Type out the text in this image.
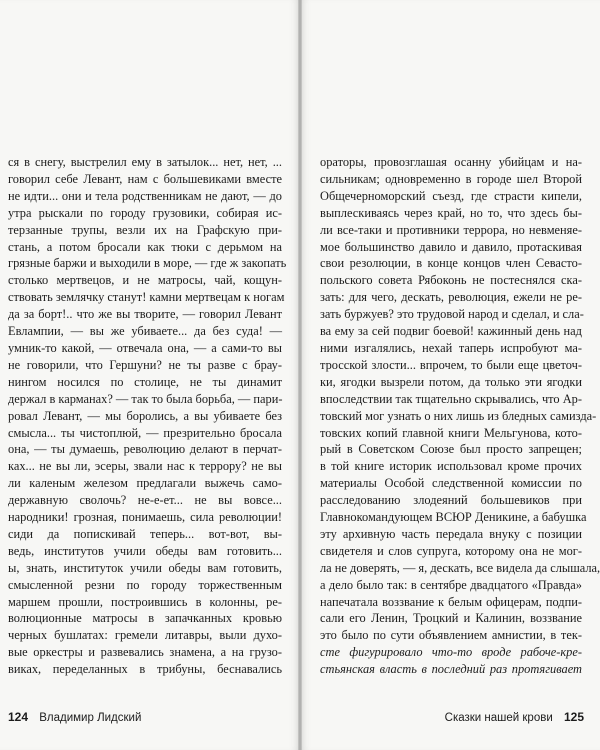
ся в снегу, выстрелил ему в затылок... нет, нет, ...
говорил себе Левант, нам с большевиками вместе
не идти... они и тела родственникам не дают, — до
утра рыскали по городу грузовики, собирая ис-
терзанные трупы, везли их на Графскую при-
стань, а потом бросали как тюки с дерьмом на
грязные баржи и выходили в море, — где ж закопать
столько мертвецов, и не матросы, чай, кощун-
ствовать землячку станут! камни мертвецам к ногам
да за борт!.. что же вы творите, — говорил Левант
Евлампии, — вы же убиваете... да без суда! —
умник-то какой, — отвечала она, — а сами-то вы
не говорили, что Гершуни? не ты разве с брау-
нингом носился по столице, не ты динамит
держал в карманах? — так то была борьба, — пари-
ровал Левант, — мы боролись, а вы убиваете без
смысла... ты чистоплюй, — презрительно бросала
она, — ты думаешь, революцию делают в перчат-
ках... не вы ли, эсеры, звали нас к террору? не вы
ли каленым железом предлагали выжечь само-
державную сволочь? не-е-ет... не вы вовсе...
народники! грозная, понимаешь, сила революции!
сиди да попискивай теперь... вот-вот, вы-
ведь, институтов учили обеды вам готовить...
ы, знать, институток учили обеды вам готовить,
смысленной резни по городу торжественным
маршем прошли, построившись в колонны, ре-
волюционные матросы в запачканных кровью
черных бушлатах: гремели литавры, выли духо-
вые оркестры и развевались знамена, а на грузо-
виках, переделанных в трибуны, беснавались
124 Владимир Лидский
ораторы, провозглашая осанну убийцам и на-
сильникам; одновременно в городе шел Второй
Общечерноморский съезд, где страсти кипели,
выплескиваясь через край, но то, что здесь бы-
ли все-таки и противники террора, но невменяе-
мое большинство давило и давило, протаскивая
свои резолюции, в конце концов член Севасто-
польского совета Рябоконь не постеснялся ска-
зать: для чего, дескать, революция, ежели не ре-
зать буржуев? это трудовой народ и сделал, и сла-
ва ему за сей подвиг боевой! кажинный день над
ними изгалялись, нехай таперь испробуют ма-
тросской злости... впрочем, то были еще цветоч-
ки, ягодки вызрели потом, да только эти ягодки
впоследствии так тщательно скрывались, что Ар-
товский мог узнать о них лишь из бледных самизда-
товских копий главной книги Мельгунова, кото-
рый в Советском Союзе был просто запрещен;
в той книге историк использовал кроме прочих
материалы Особой следственной комиссии по
расследованию злодеяний большевиков при
Главнокомандующем ВСЮР Деникине, а бабушка
эту архивную часть передала внуку с позиции
свидетеля и слов супруга, которому она не мог-
ла не доверять, — я, дескать, все видела да слышала,
а дело было так: в сентябре двадцатого «Правда»
напечатала воззвание к белым офицерам, подпи-
сали его Ленин, Троцкий и Калинин, воззвание
это было по сути объявлением амнистии, в тек-
сте фигурировало что-то вроде рабоче-кре-
стьянская власть в последний раз протягивает
Сказки нашей крови 125
